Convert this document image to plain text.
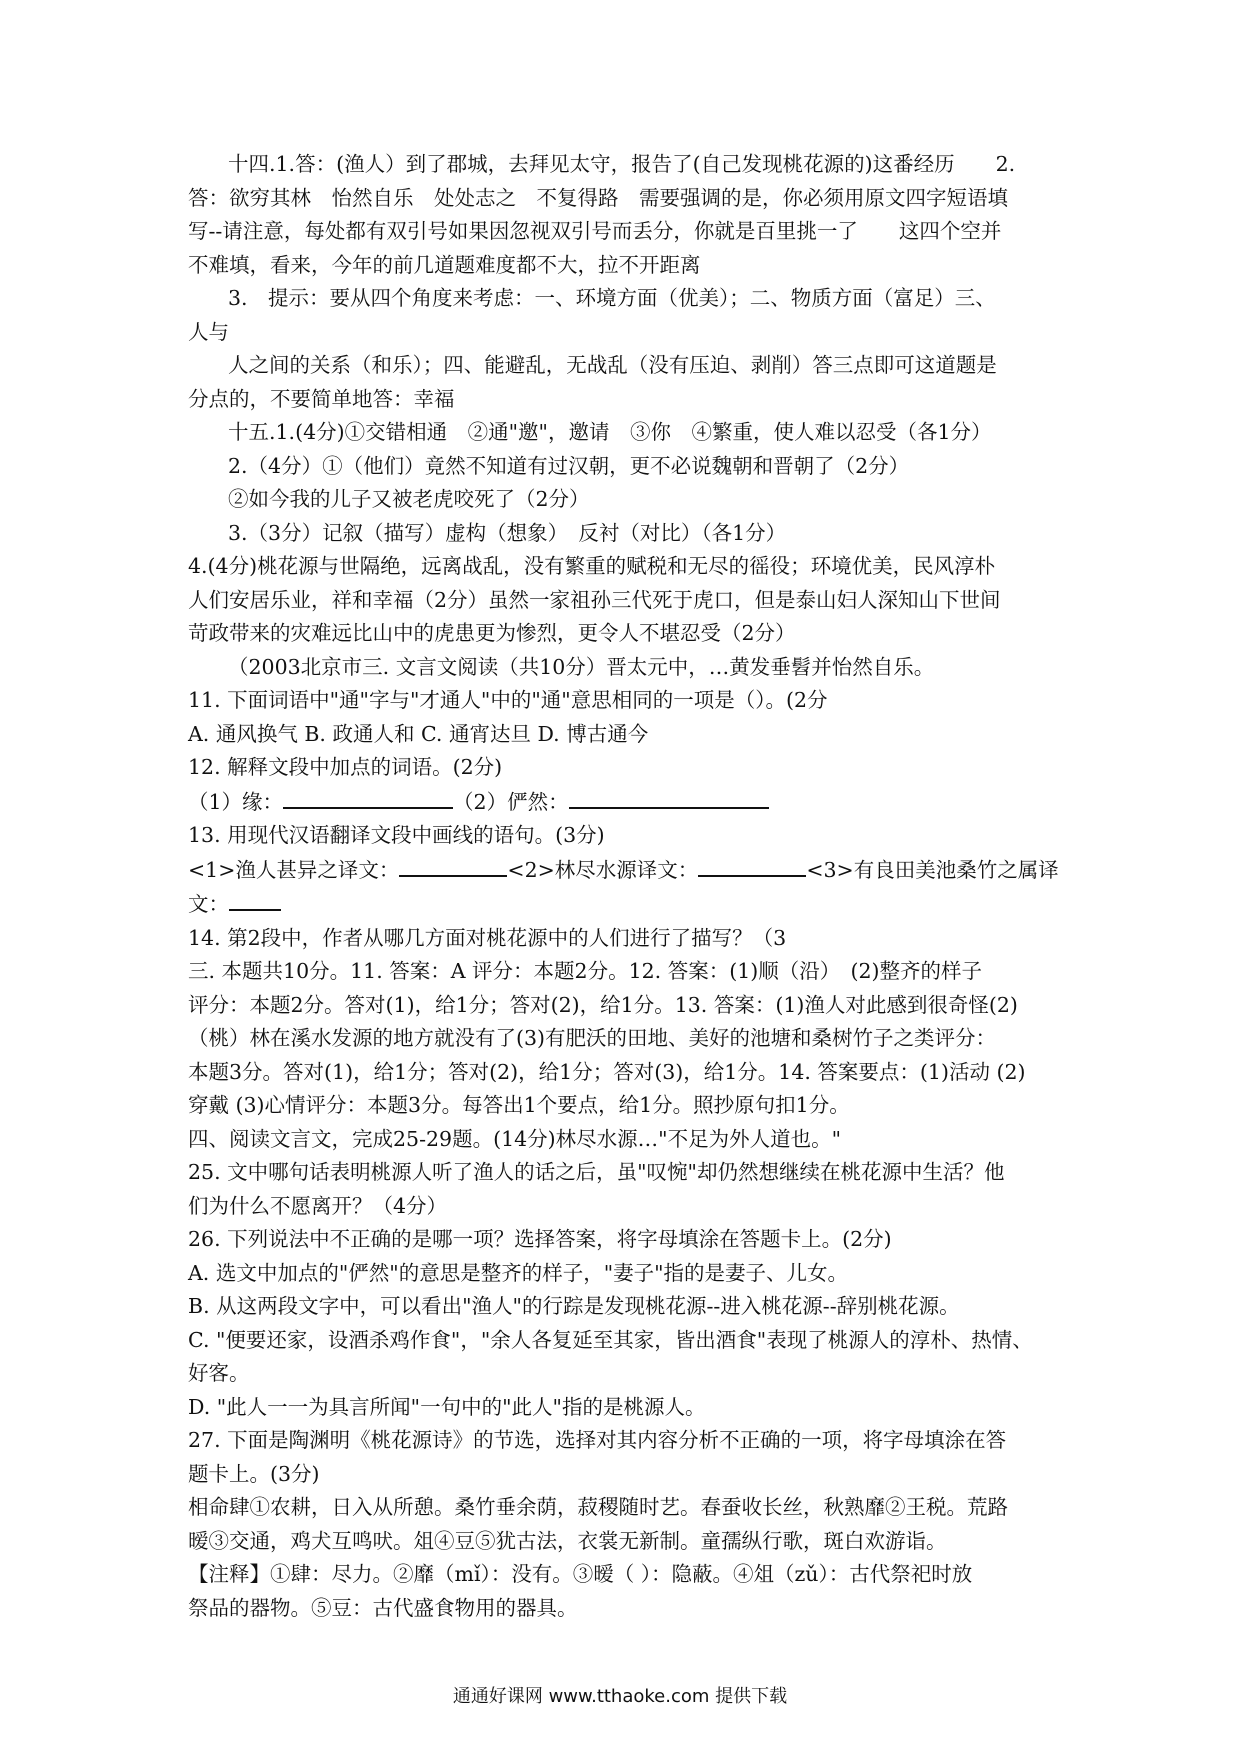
十四.1.答：(渔人）到了郡城，去拜见太守，报告了(自己发现桃花源的)这番经历　　2.

答：欲穷其林　怡然自乐　处处志之　不复得路　需要强调的是，你必须用原文四字短语填

写--请注意，每处都有双引号如果因忽视双引号而丢分，你就是百里挑一了　　这四个空并

不难填，看来，今年的前几道题难度都不大，拉不开距离

3.　提示：要从四个角度来考虑：一、环境方面（优美）；二、物质方面（富足）三、

人与

人之间的关系（和乐）；四、能避乱，无战乱（没有压迫、剥削）答三点即可这道题是

分点的，不要简单地答：幸福

十五.1.(4分)①交错相通　②通"邀"，邀请　③你　④繁重，使人难以忍受（各1分）

2.（4分）①（他们）竟然不知道有过汉朝，更不必说魏朝和晋朝了（2分）

②如今我的儿子又被老虎咬死了（2分）

3.（3分）记叙（描写）虚构（想象）　反衬（对比）（各1分）

4.(4分)桃花源与世隔绝，远离战乱，没有繁重的赋税和无尽的徭役；环境优美，民风淳朴

人们安居乐业，祥和幸福（2分）虽然一家祖孙三代死于虎口，但是泰山妇人深知山下世间

苛政带来的灾难远比山中的虎患更为惨烈，更令人不堪忍受（2分）

（2003北京市三. 文言文阅读（共10分）晋太元中，…黄发垂髫并怡然自乐。

11. 下面词语中"通"字与"才通人"中的"通"意思相同的一项是（）。(2分

A. 通风换气 B. 政通人和 C. 通宵达旦 D. 博古通今

12. 解释文段中加点的词语。(2分)

（1）缘：	（2）俨然：

13. 用现代汉语翻译文段中画线的语句。(3分)

<1>渔人甚异之译文：	<2>林尽水源译文：	<3>有良田美池桑竹之属译

文：

14. 第2段中，作者从哪几方面对桃花源中的人们进行了描写？（3

三. 本题共10分。11. 答案：A 评分：本题2分。12. 答案：(1)顺（沿）　(2)整齐的样子

评分：本题2分。答对(1)，给1分；答对(2)，给1分。13. 答案：(1)渔人对此感到很奇怪(2)

（桃）林在溪水发源的地方就没有了(3)有肥沃的田地、美好的池塘和桑树竹子之类评分：

本题3分。答对(1)，给1分；答对(2)，给1分；答对(3)，给1分。14. 答案要点：(1)活动 (2)

穿戴 (3)心情评分：本题3分。每答出1个要点，给1分。照抄原句扣1分。

四、阅读文言文，完成25-29题。(14分)林尽水源…"不足为外人道也。"

25. 文中哪句话表明桃源人听了渔人的话之后，虽"叹惋"却仍然想继续在桃花源中生活？他

们为什么不愿离开？（4分）

26. 下列说法中不正确的是哪一项？选择答案，将字母填涂在答题卡上。(2分)

A. 选文中加点的"俨然"的意思是整齐的样子，"妻子"指的是妻子、儿女。

B. 从这两段文字中，可以看出"渔人"的行踪是发现桃花源--进入桃花源--辞别桃花源。

C. "便要还家，设酒杀鸡作食"，"余人各复延至其家，皆出酒食"表现了桃源人的淳朴、热情、

好客。

D. "此人一一为具言所闻"一句中的"此人"指的是桃源人。

27. 下面是陶渊明《桃花源诗》的节选，选择对其内容分析不正确的一项，将字母填涂在答

题卡上。(3分)

相命肆①农耕，日入从所憩。桑竹垂余荫，菽稷随时艺。春蚕收长丝，秋熟靡②王税。荒路

暧③交通，鸡犬互鸣吠。俎④豆⑤犹古法，衣裳无新制。童孺纵行歌，斑白欢游诣。

【注释】①肆：尽力。②靡（mǐ）：没有。③暧（ ）：隐蔽。④俎（zǔ）：古代祭祀时放

祭品的器物。⑤豆：古代盛食物用的器具。

通通好课网 www.tthaoke.com 提供下载
